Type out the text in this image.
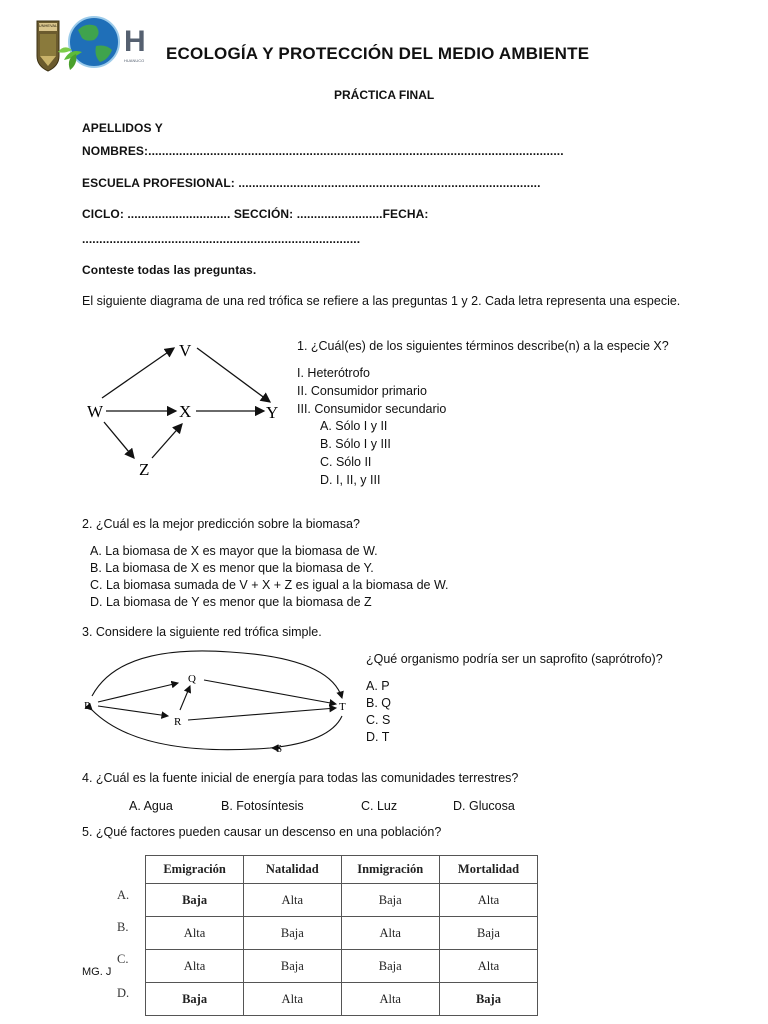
UNHEVAL H
HUANUCO	ECOLOGÍA Y PROTECCIÓN DEL MEDIO AMBIENTE
PRÁCTICA FINAL
APELLIDOS Y
NOMBRES:.........................................................................................................................
ESCUELA PROFESIONAL: ........................................................................................
CICLO: .............................. SECCIÓN: .........................FECHA:
.................................................................................
Conteste todas las preguntas.
El siguiente diagrama de una red trófica se refiere a las preguntas 1 y 2. Cada letra representa una especie.
V
W	X	Y
Z
1. ¿Cuál(es) de los siguientes términos describe(n) a la especie X?
I. Heterótrofo
II. Consumidor primario
III. Consumidor secundario
A. Sólo I y II
B. Sólo I y III
C. Sólo II
D. I, II, y III
2. ¿Cuál es la mejor predicción sobre la biomasa?
A. La biomasa de X es mayor que la biomasa de W.
B. La biomasa de X es menor que la biomasa de Y.
C. La biomasa sumada de V + X + Z es igual a la biomasa de W.
D. La biomasa de Y es menor que la biomasa de Z
3. Considere la siguiente red trófica simple.
P
Q
R
S
T
¿Qué organismo podría ser un saprofito (saprótrofo)?
A. P
B. Q
C. S
D. T
4. ¿Cuál es la fuente inicial de energía para todas las comunidades terrestres?
A. Agua	B. Fotosíntesis	C. Luz	D. Glucosa
5. ¿Qué factores pueden causar un descenso en una población?
A.
B.
C.
D.
MG. J
Emigración	Natalidad	Inmigración	Mortalidad
Baja	Alta	Baja	Alta
Alta	Baja	Alta	Baja
Alta	Baja	Baja	Alta
Baja	Alta	Alta	Baja
